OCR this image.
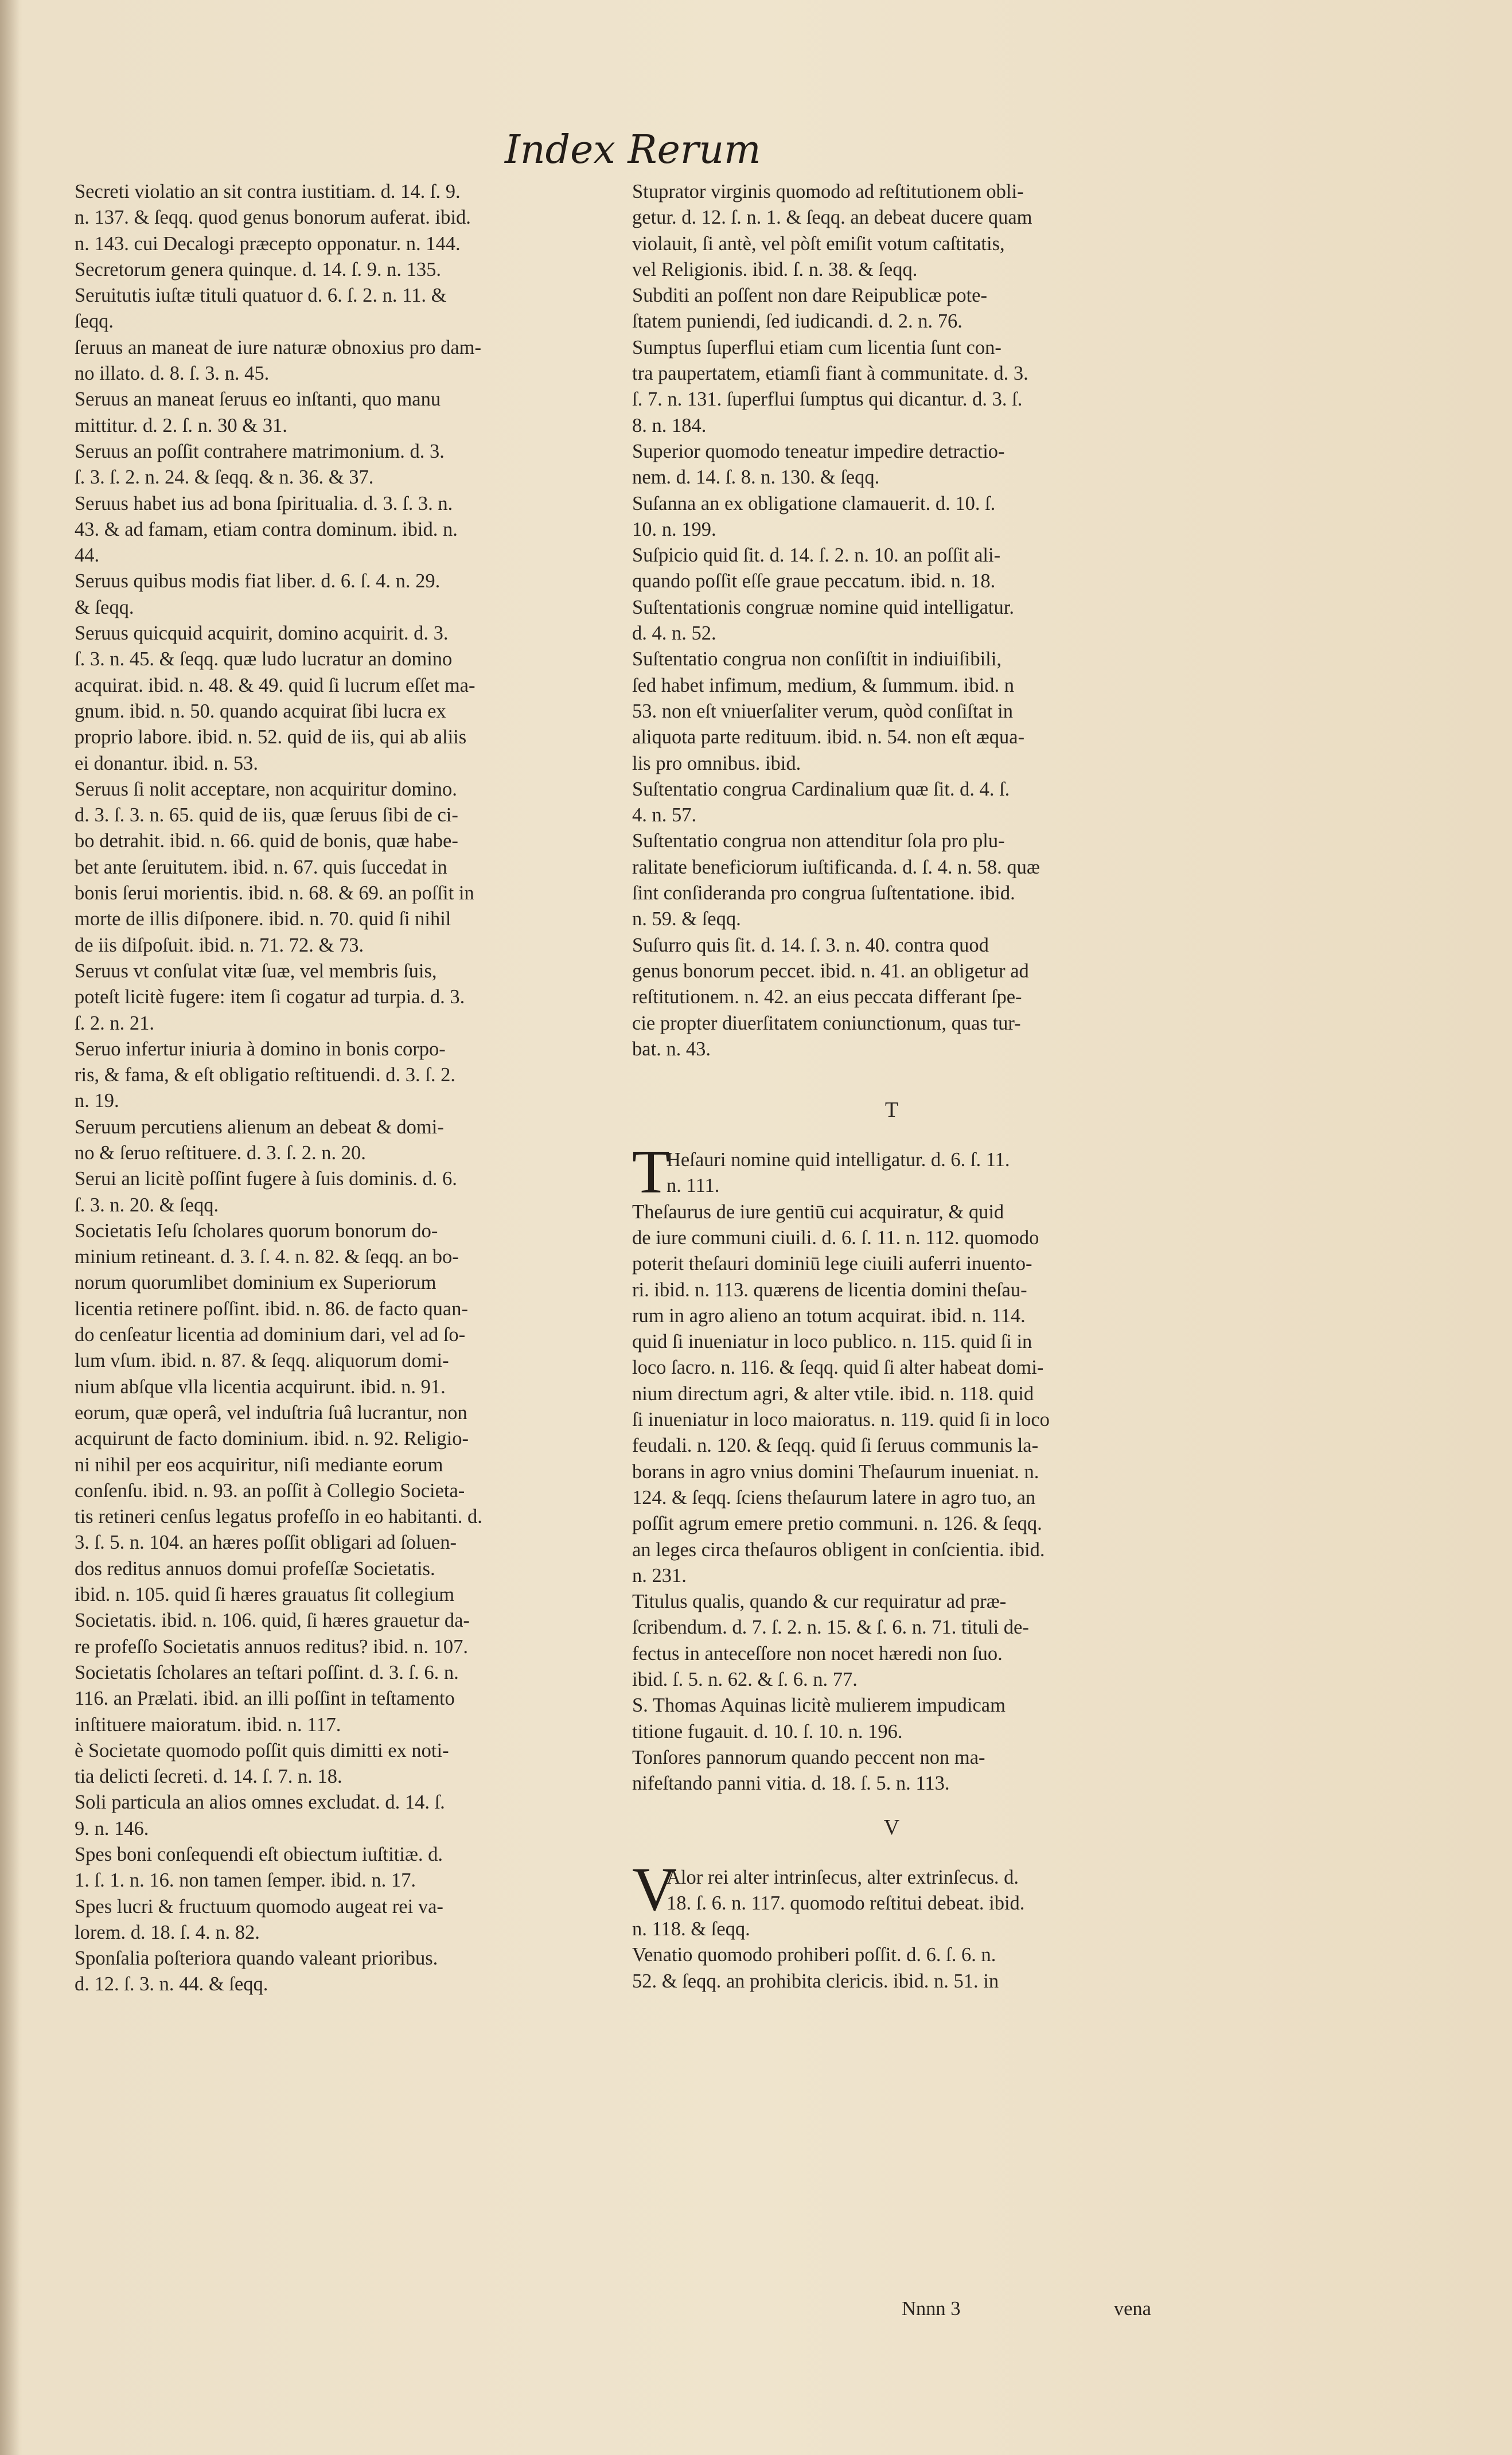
Index Rerum
Secreti violatio an sit contra iustitiam. d. 14. ſ. 9.
n. 137. & ſeqq. quod genus bonorum auferat. ibid.
n. 143. cui Decalogi præcepto opponatur. n. 144.
Secretorum genera quinque. d. 14. ſ. 9. n. 135.
Seruitutis iuſtæ tituli quatuor d. 6. ſ. 2. n. 11. &
ſeqq.
ſeruus an maneat de iure naturæ obnoxius pro dam-
no illato. d. 8. ſ. 3. n. 45.
Seruus an maneat ſeruus eo inſtanti, quo manu
mittitur. d. 2. ſ. n. 30 & 31.
Seruus an poſſit contrahere matrimonium. d. 3.
ſ. 3. ſ. 2. n. 24. & ſeqq. & n. 36. & 37.
Seruus habet ius ad bona ſpiritualia. d. 3. ſ. 3. n.
43. & ad famam, etiam contra dominum. ibid. n.
44.
Seruus quibus modis fiat liber. d. 6. ſ. 4. n. 29.
& ſeqq.
Seruus quicquid acquirit, domino acquirit. d. 3.
ſ. 3. n. 45. & ſeqq. quæ ludo lucratur an domino
acquirat. ibid. n. 48. & 49. quid ſi lucrum eſſet ma-
gnum. ibid. n. 50. quando acquirat ſibi lucra ex
proprio labore. ibid. n. 52. quid de iis, qui ab aliis
ei donantur. ibid. n. 53.
Seruus ſi nolit acceptare, non acquiritur domino.
d. 3. ſ. 3. n. 65. quid de iis, quæ ſeruus ſibi de ci-
bo detrahit. ibid. n. 66. quid de bonis, quæ habe-
bet ante ſeruitutem. ibid. n. 67. quis ſuccedat in
bonis ſerui morientis. ibid. n. 68. & 69. an poſſit in
morte de illis diſponere. ibid. n. 70. quid ſi nihil
de iis diſpoſuit. ibid. n. 71. 72. & 73.
Seruus vt conſulat vitæ ſuæ, vel membris ſuis,
poteſt licitè fugere: item ſi cogatur ad turpia. d. 3.
ſ. 2. n. 21.
Seruo infertur iniuria à domino in bonis corpo-
ris, & fama, & eſt obligatio reſtituendi. d. 3. ſ. 2.
n. 19.
Seruum percutiens alienum an debeat & domi-
no & ſeruo reſtituere. d. 3. ſ. 2. n. 20.
Serui an licitè poſſint fugere à ſuis dominis. d. 6.
ſ. 3. n. 20. & ſeqq.
Societatis Ieſu ſcholares quorum bonorum do-
minium retineant. d. 3. ſ. 4. n. 82. & ſeqq. an bo-
norum quorumlibet dominium ex Superiorum
licentia retinere poſſint. ibid. n. 86. de facto quan-
do cenſeatur licentia ad dominium dari, vel ad ſo-
lum vſum. ibid. n. 87. & ſeqq. aliquorum domi-
nium abſque vlla licentia acquirunt. ibid. n. 91.
eorum, quæ operâ, vel induſtria ſuâ lucrantur, non
acquirunt de facto dominium. ibid. n. 92. Religio-
ni nihil per eos acquiritur, niſi mediante eorum
conſenſu. ibid. n. 93. an poſſit à Collegio Societa-
tis retineri cenſus legatus profeſſo in eo habitanti. d.
3. ſ. 5. n. 104. an hæres poſſit obligari ad ſoluen-
dos reditus annuos domui profeſſæ Societatis.
ibid. n. 105. quid ſi hæres grauatus ſit collegium
Societatis. ibid. n. 106. quid, ſi hæres grauetur da-
re profeſſo Societatis annuos reditus? ibid. n. 107.
Societatis ſcholares an teſtari poſſint. d. 3. ſ. 6. n.
116. an Prælati. ibid. an illi poſſint in teſtamento
inſtituere maioratum. ibid. n. 117.
è Societate quomodo poſſit quis dimitti ex noti-
tia delicti ſecreti. d. 14. ſ. 7. n. 18.
Soli particula an alios omnes excludat. d. 14. ſ.
9. n. 146.
Spes boni conſequendi eſt obiectum iuſtitiæ. d.
1. ſ. 1. n. 16. non tamen ſemper. ibid. n. 17.
Spes lucri & fructuum quomodo augeat rei va-
lorem. d. 18. ſ. 4. n. 82.
Sponſalia poſteriora quando valeant prioribus.
d. 12. ſ. 3. n. 44. & ſeqq.
Stuprator virginis quomodo ad reſtitutionem obli-
getur. d. 12. ſ. n. 1. & ſeqq. an debeat ducere quam
violauit, ſi antè, vel pòſt emiſit votum caſtitatis,
vel Religionis. ibid. ſ. n. 38. & ſeqq.
Subditi an poſſent non dare Reipublicæ pote-
ſtatem puniendi, ſed iudicandi. d. 2. n. 76.
Sumptus ſuperflui etiam cum licentia ſunt con-
tra paupertatem, etiamſi fiant à communitate. d. 3.
ſ. 7. n. 131. ſuperflui ſumptus qui dicantur. d. 3. ſ.
8. n. 184.
Superior quomodo teneatur impedire detractio-
nem. d. 14. ſ. 8. n. 130. & ſeqq.
Suſanna an ex obligatione clamauerit. d. 10. ſ.
10. n. 199.
Suſpicio quid ſit. d. 14. ſ. 2. n. 10. an poſſit ali-
quando poſſit eſſe graue peccatum. ibid. n. 18.
Suſtentationis congruæ nomine quid intelligatur.
d. 4. n. 52.
Suſtentatio congrua non conſiſtit in indiuiſibili,
ſed habet infimum, medium, & ſummum. ibid. n
53. non eſt vniuerſaliter verum, quòd conſiſtat in
aliquota parte redituum. ibid. n. 54. non eſt æqua-
lis pro omnibus. ibid.
Suſtentatio congrua Cardinalium quæ ſit. d. 4. ſ.
4. n. 57.
Suſtentatio congrua non attenditur ſola pro plu-
ralitate beneficiorum iuſtificanda. d. ſ. 4. n. 58. quæ
ſint conſideranda pro congrua ſuſtentatione. ibid.
n. 59. & ſeqq.
Suſurro quis ſit. d. 14. ſ. 3. n. 40. contra quod
genus bonorum peccet. ibid. n. 41. an obligetur ad
reſtitutionem. n. 42. an eius peccata differant ſpe-
cie propter diuerſitatem coniunctionum, quas tur-
bat. n. 43.
T
T
Heſauri nomine quid intelligatur. d. 6. ſ. 11.
n. 111.
Theſaurus de iure gentiū cui acquiratur, & quid
de iure communi ciuili. d. 6. ſ. 11. n. 112. quomodo
poterit theſauri dominiū lege ciuili auferri inuento-
ri. ibid. n. 113. quærens de licentia domini theſau-
rum in agro alieno an totum acquirat. ibid. n. 114.
quid ſi inueniatur in loco publico. n. 115. quid ſi in
loco ſacro. n. 116. & ſeqq. quid ſi alter habeat domi-
nium directum agri, & alter vtile. ibid. n. 118. quid
ſi inueniatur in loco maioratus. n. 119. quid ſi in loco
feudali. n. 120. & ſeqq. quid ſi ſeruus communis la-
borans in agro vnius domini Theſaurum inueniat. n.
124. & ſeqq. ſciens theſaurum latere in agro tuo, an
poſſit agrum emere pretio communi. n. 126. & ſeqq.
an leges circa theſauros obligent in conſcientia. ibid.
n. 231.
Titulus qualis, quando & cur requiratur ad præ-
ſcribendum. d. 7. ſ. 2. n. 15. & ſ. 6. n. 71. tituli de-
fectus in anteceſſore non nocet hæredi non ſuo.
ibid. ſ. 5. n. 62. & ſ. 6. n. 77.
S. Thomas Aquinas licitè mulierem impudicam
titione fugauit. d. 10. ſ. 10. n. 196.
Tonſores pannorum quando peccent non ma-
nifeſtando panni vitia. d. 18. ſ. 5. n. 113.
V
V
Alor rei alter intrinſecus, alter extrinſecus. d.
18. ſ. 6. n. 117. quomodo reſtitui debeat. ibid.
n. 118. & ſeqq.
Venatio quomodo prohiberi poſſit. d. 6. ſ. 6. n.
52. & ſeqq. an prohibita clericis. ibid. n. 51. in
Nnnn 3	vena
